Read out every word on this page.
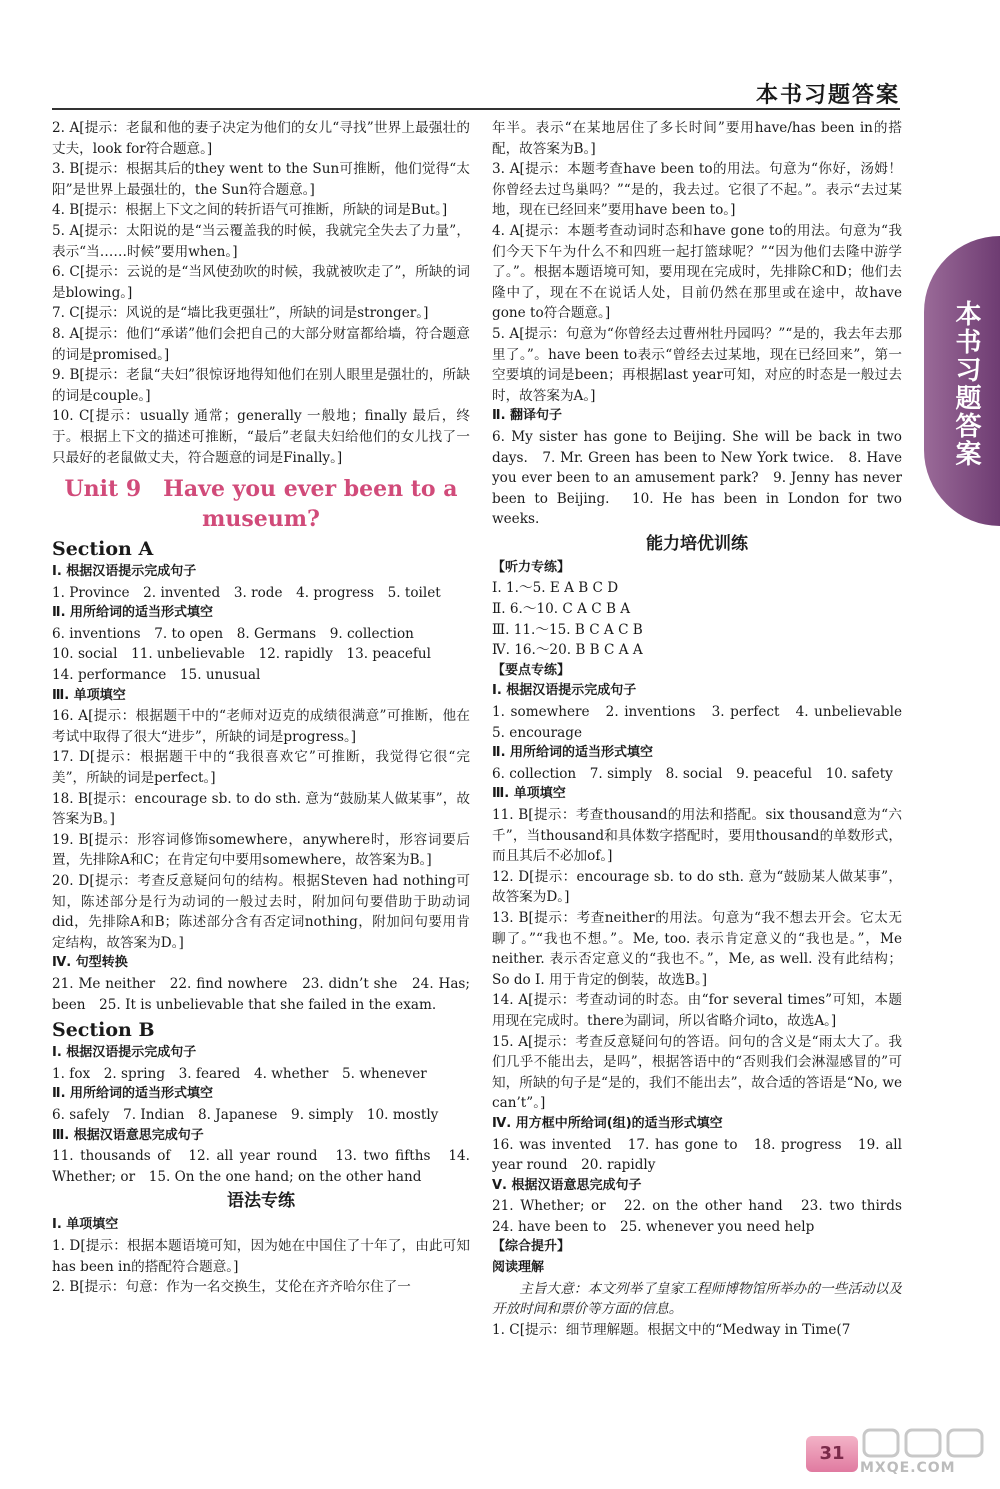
本书习题答案
本书习题答案

2. A[提示：老鼠和他的妻子决定为他们的女儿“寻找”世界上最强壮的丈夫，look for符合题意。]

3. B[提示：根据其后的they went to the Sun可推断，他们觉得“太阳”是世界上最强壮的，the Sun符合题意。]

4. B[提示：根据上下文之间的转折语气可推断，所缺的词是But。]

5. A[提示：太阳说的是“当云覆盖我的时候，我就完全失去了力量”，表示“当……时候”要用when。]

6. C[提示：云说的是“当风使劲吹的时候，我就被吹走了”，所缺的词是blowing。]

7. C[提示：风说的是“墙比我更强壮”，所缺的词是stronger。]

8. A[提示：他们“承诺”他们会把自己的大部分财富都给墙，符合题意的词是promised。]

9. B[提示：老鼠“夫妇”很惊讶地得知他们在别人眼里是强壮的，所缺的词是couple。]

10. C[提示：usually 通常；generally 一般地；finally 最后，终于。根据上下文的描述可推断，“最后”老鼠夫妇给他们的女儿找了一只最好的老鼠做丈夫，符合题意的词是Finally。]

Unit 9　Have you ever been to a museum?

Section A

Ⅰ. 根据汉语提示完成句子

1. Province　2. invented　3. rode　4. progress　5. toilet

Ⅱ. 用所给词的适当形式填空

6. inventions　7. to open　8. Germans　9. collection

10. social　11. unbelievable　12. rapidly　13. peaceful

14. performance　15. unusual

Ⅲ. 单项填空

16. A[提示：根据题干中的“老师对迈克的成绩很满意”可推断，他在考试中取得了很大“进步”，所缺的词是progress。]

17. D[提示：根据题干中的“我很喜欢它”可推断，我觉得它很“完美”，所缺的词是perfect。]

18. B[提示：encourage sb. to do sth. 意为“鼓励某人做某事”，故答案为B。]

19. B[提示：形容词修饰somewhere，anywhere时，形容词要后置，先排除A和C；在肯定句中要用somewhere，故答案为B。]

20. D[提示：考查反意疑问句的结构。根据Steven had nothing可知，陈述部分是行为动词的一般过去时，附加问句要借助于助动词did，先排除A和B；陈述部分含有否定词nothing，附加问句要用肯定结构，故答案为D。]

Ⅳ. 句型转换

21. Me neither　22. find nowhere　23. didn’t she　24. Has; been　25. It is unbelievable that she failed in the exam.

Section B

Ⅰ. 根据汉语提示完成句子

1. fox　2. spring　3. feared　4. whether　5. whenever

Ⅱ. 用所给词的适当形式填空

6. safely　7. Indian　8. Japanese　9. simply　10. mostly

Ⅲ. 根据汉语意思完成句子

11. thousands of　12. all year round　13. two fifths　14. Whether; or　15. On the one hand; on the other hand

语法专练

Ⅰ. 单项填空

1. D[提示：根据本题语境可知，因为她在中国住了十年了，由此可知has been in的搭配符合题意。]

2. B[提示：句意：作为一名交换生，艾伦在齐齐哈尔住了一

年半。表示“在某地居住了多长时间”要用have/has been in的搭配，故答案为B。]

3. A[提示：本题考查have been to的用法。句意为“你好，汤姆！你曾经去过鸟巢吗？”“是的，我去过。它很了不起。”。表示“去过某地，现在已经回来”要用have been to。]

4. A[提示：本题考查动词时态和have gone to的用法。句意为“我们今天下午为什么不和四班一起打篮球呢？”“因为他们去隆中游学了。”。根据本题语境可知，要用现在完成时，先排除C和D；他们去隆中了，现在不在说话人处，目前仍然在那里或在途中，故have gone to符合题意。]

5. A[提示：句意为“你曾经去过曹州牡丹园吗？”“是的，我去年去那里了。”。have been to表示“曾经去过某地，现在已经回来”，第一空要填的词是been；再根据last year可知，对应的时态是一般过去时，故答案为A。]

Ⅱ. 翻译句子

6. My sister has gone to Beijing. She will be back in two days.　7. Mr. Green has been to New York twice.　8. Have you ever been to an amusement park?　9. Jenny has never been to Beijing.　10. He has been in London for two weeks.

能力培优训练

【听力专练】

Ⅰ. 1.～5. E A B C D

Ⅱ. 6.～10. C A C B A

Ⅲ. 11.～15. B C A C B

Ⅳ. 16.～20. B B C A A

【要点专练】

Ⅰ. 根据汉语提示完成句子

1. somewhere　2. inventions　3. perfect　4. unbelievable　5. encourage

Ⅱ. 用所给词的适当形式填空

6. collection　7. simply　8. social　9. peaceful　10. safety

Ⅲ. 单项填空

11. B[提示：考查thousand的用法和搭配。six thousand意为“六千”，当thousand和具体数字搭配时，要用thousand的单数形式，而且其后不必加of。]

12. D[提示：encourage sb. to do sth. 意为“鼓励某人做某事”，故答案为D。]

13. B[提示：考查neither的用法。句意为“我不想去开会。它太无聊了。”“我也不想。”。Me, too. 表示肯定意义的“我也是。”，Me neither. 表示否定意义的“我也不。”，Me, as well. 没有此结构；So do I. 用于肯定的倒装，故选B。]

14. A[提示：考查动词的时态。由“for several times”可知，本题用现在完成时。there为副词，所以省略介词to，故选A。]

15. A[提示：考查反意疑问句的答语。问句的含义是“雨太大了。我们几乎不能出去，是吗”，根据答语中的“否则我们会淋湿感冒的”可知，所缺的句子是“是的，我们不能出去”，故合适的答语是“No, we can’t”。]

Ⅳ. 用方框中所给词(组)的适当形式填空

16. was invented　17. has gone to　18. progress　19. all year round　20. rapidly

Ⅴ. 根据汉语意思完成句子

21. Whether; or　22. on the other hand　23. two thirds　24. have been to　25. whenever you need help

【综合提升】

阅读理解

主旨大意：本文列举了皇家工程师博物馆所举办的一些活动以及开放时间和票价等方面的信息。

1. C[提示：细节理解题。根据文中的“Medway in Time(7

31
MXQE.COM
